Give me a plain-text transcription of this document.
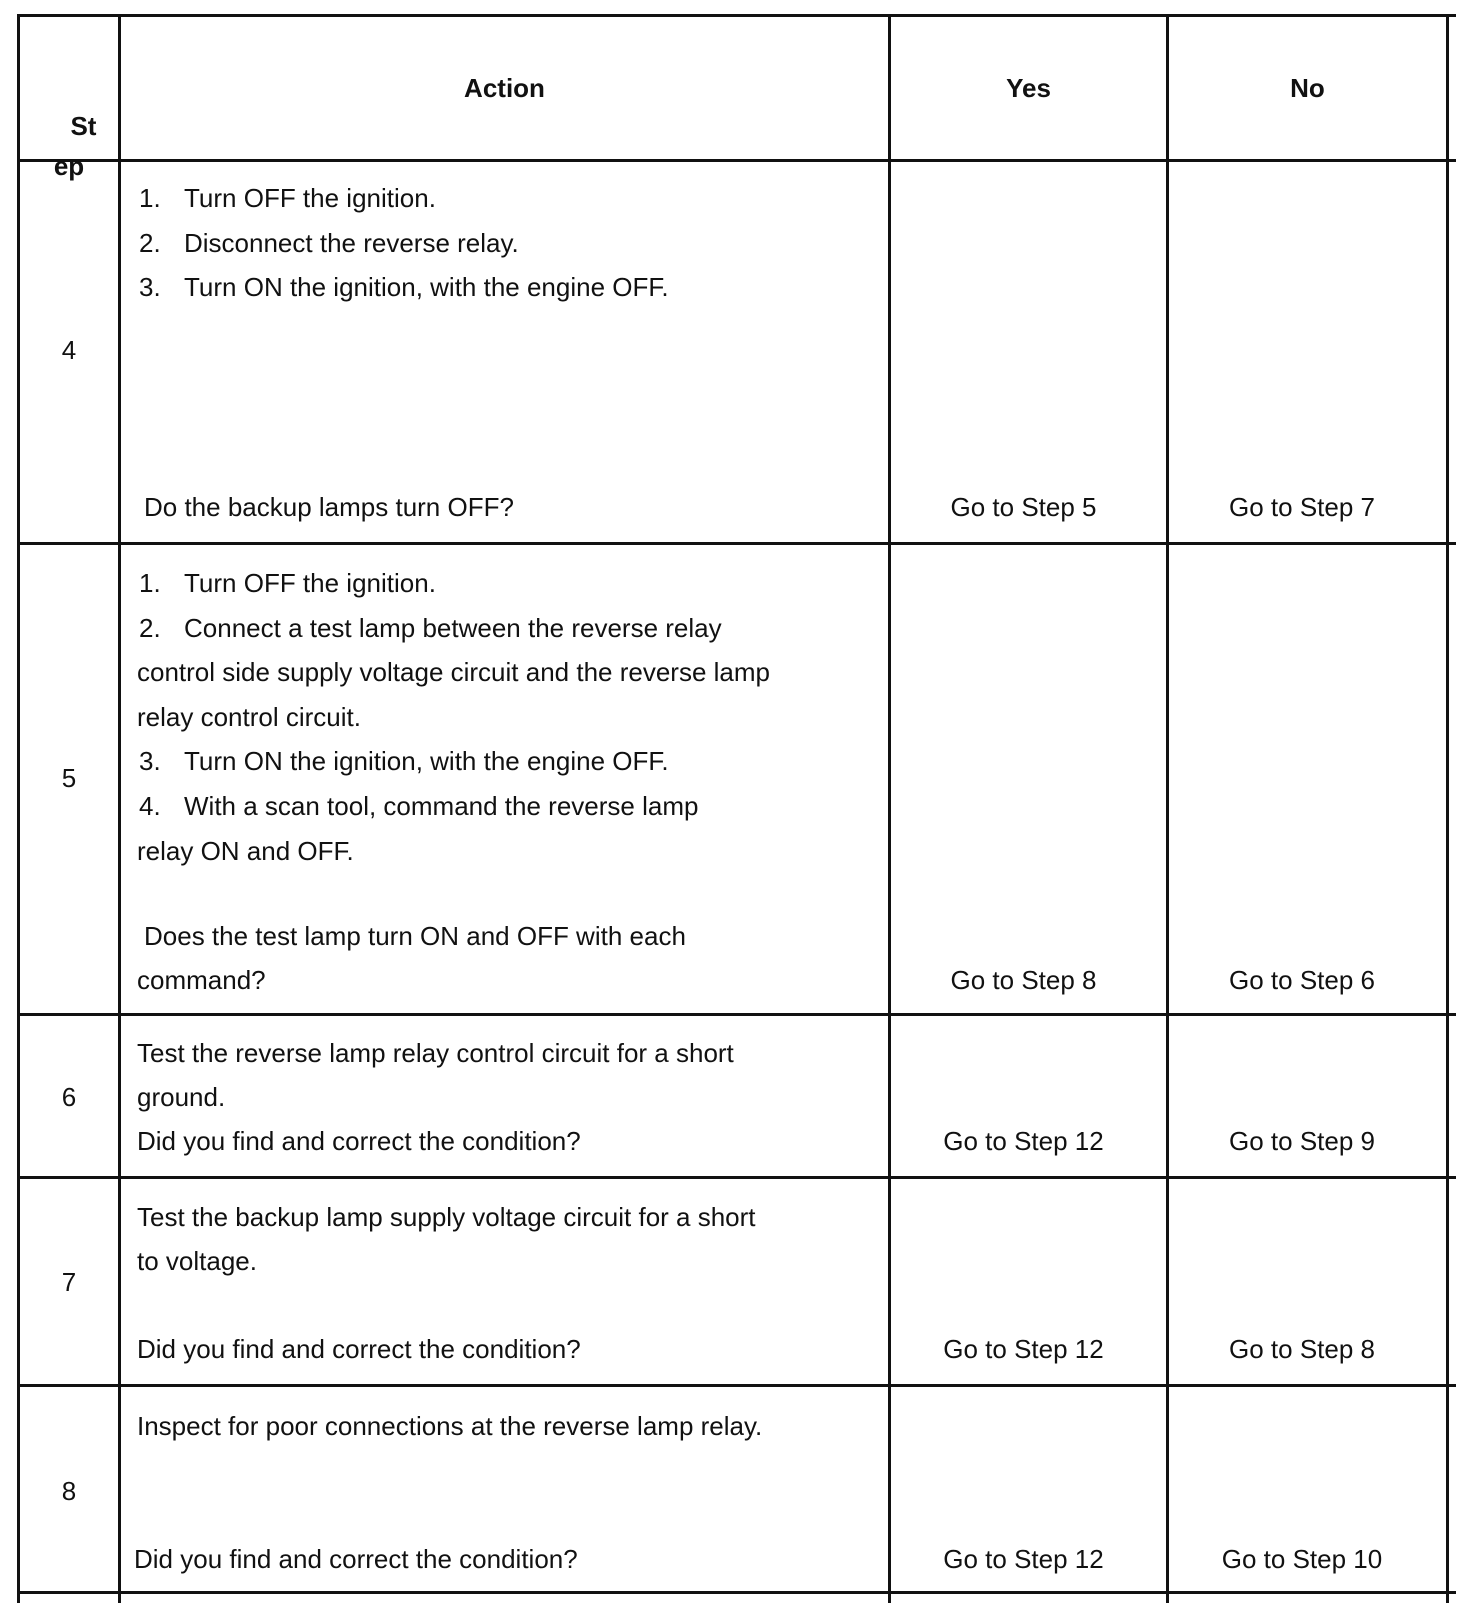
St
ep

Action	Yes	No
4
1. Turn OFF the ignition.
2. Disconnect the reverse relay.
3. Turn ON the ignition, with the engine OFF.
Do the backup lamps turn OFF?	Go to Step 5	Go to Step 7
5
1. Turn OFF the ignition.
2. Connect a test lamp between the reverse relay
control side supply voltage circuit and the reverse lamp
relay control circuit.
3. Turn ON the ignition, with the engine OFF.
4. With a scan tool, command the reverse lamp
relay ON and OFF.
Does the test lamp turn ON and OFF with each
command?	Go to Step 8	Go to Step 6
6
Test the reverse lamp relay control circuit for a short
ground.
Did you find and correct the condition?	Go to Step 12	Go to Step 9
7
Test the backup lamp supply voltage circuit for a short
to voltage.
Did you find and correct the condition?	Go to Step 12	Go to Step 8
8
Inspect for poor connections at the reverse lamp relay.
Did you find and correct the condition?	Go to Step 12	Go to Step 10
